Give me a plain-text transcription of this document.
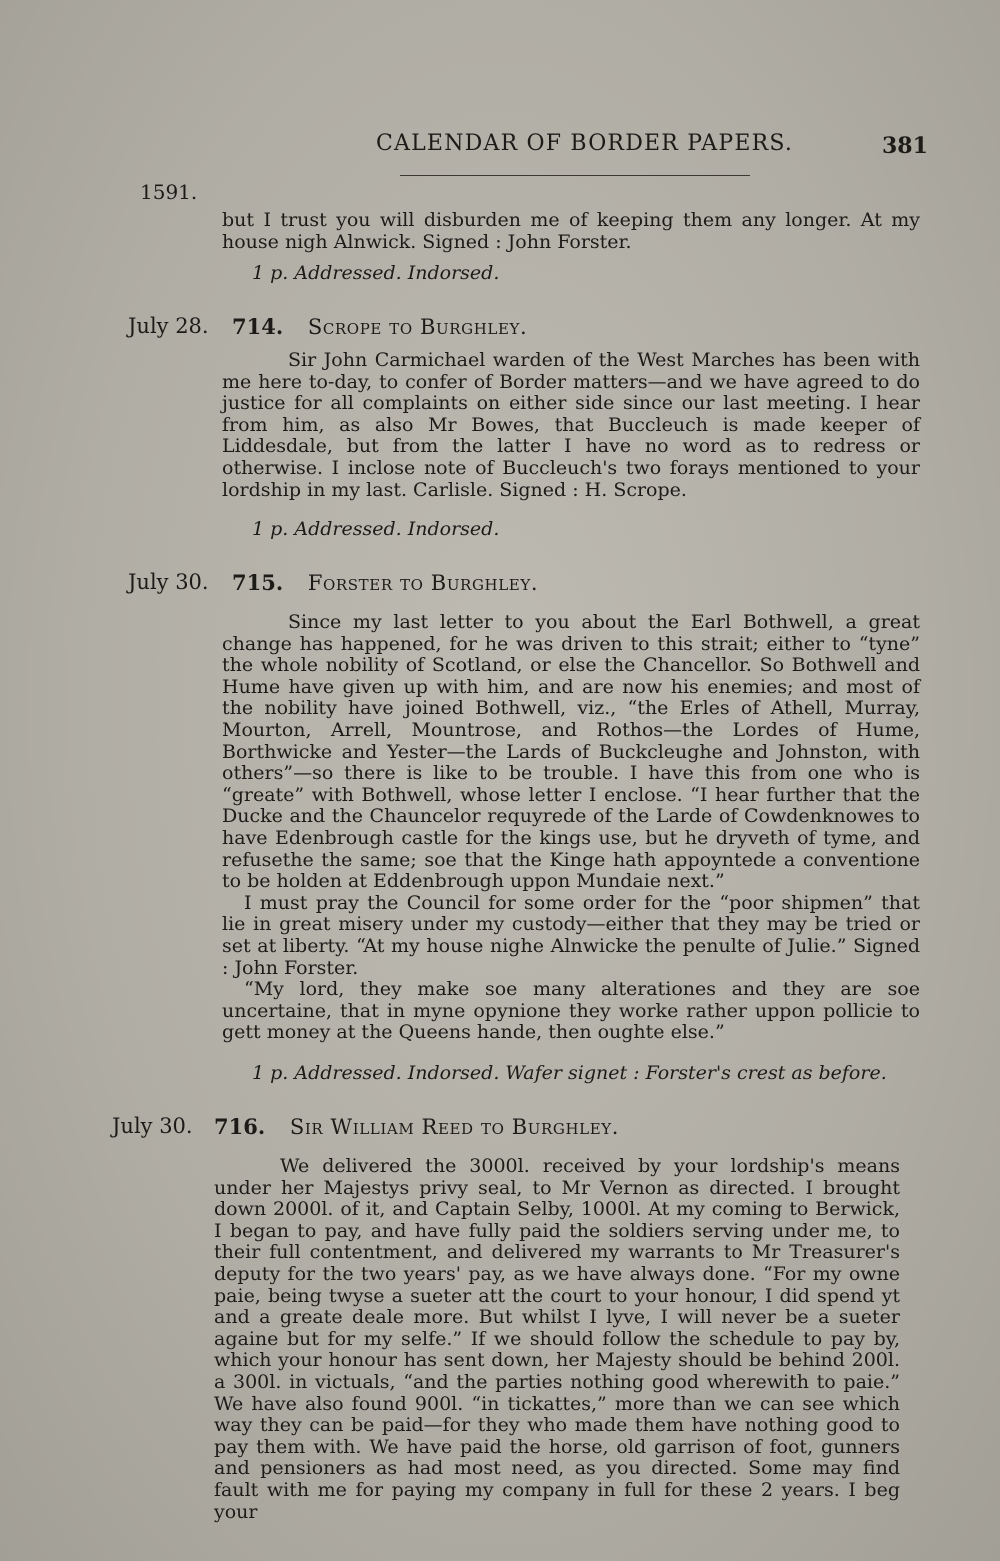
CALENDAR OF BORDER PAPERS.	381
1591.
but I trust you will disburden me of keeping them any longer. At my house nigh Alnwick. Signed : John Forster.
1 p. Addressed. Indorsed.
July 28. 714. Scrope to Burghley.
Sir John Carmichael warden of the West Marches has been with me here to-day, to confer of Border matters—and we have agreed to do justice for all complaints on either side since our last meeting. I hear from him, as also Mr Bowes, that Buccleuch is made keeper of Liddesdale, but from the latter I have no word as to redress or otherwise. I inclose note of Buccleuch's two forays mentioned to your lordship in my last. Carlisle. Signed : H. Scrope.
1 p. Addressed. Indorsed.
July 30. 715. Forster to Burghley.
Since my last letter to you about the Earl Bothwell, a great change has happened, for he was driven to this strait; either to “tyne” the whole nobility of Scotland, or else the Chancellor. So Bothwell and Hume have given up with him, and are now his enemies; and most of the nobility have joined Bothwell, viz., “the Erles of Athell, Murray, Mourton, Arrell, Mountrose, and Rothos—the Lordes of Hume, Borthwicke and Yester—the Lards of Buckcleughe and Johnston, with others”—so there is like to be trouble. I have this from one who is “greate” with Bothwell, whose letter I enclose. “I hear further that the Ducke and the Chauncelor requyrede of the Larde of Cowdenknowes to have Edenbrough castle for the kings use, but he dryveth of tyme, and refusethe the same; soe that the Kinge hath appoyntede a conventione to be holden at Eddenbrough uppon Mundaie next.”
I must pray the Council for some order for the “poor shipmen” that lie in great misery under my custody—either that they may be tried or set at liberty. “At my house nighe Alnwicke the penulte of Julie.” Signed : John Forster.
“My lord, they make soe many alterationes and they are soe uncertaine, that in myne opynione they worke rather uppon pollicie to gett money at the Queens hande, then oughte else.”
1 p. Addressed. Indorsed. Wafer signet : Forster's crest as before.
July 30. 716. Sir William Reed to Burghley.
We delivered the 3000l. received by your lordship's means under her Majestys privy seal, to Mr Vernon as directed. I brought down 2000l. of it, and Captain Selby, 1000l. At my coming to Berwick, I began to pay, and have fully paid the soldiers serving under me, to their full contentment, and delivered my warrants to Mr Treasurer's deputy for the two years' pay, as we have always done. “For my owne paie, being twyse a sueter att the court to your honour, I did spend yt and a greate deale more. But whilst I lyve, I will never be a sueter againe but for my selfe.” If we should follow the schedule to pay by, which your honour has sent down, her Majesty should be behind 200l. a 300l. in victuals, “and the parties nothing good wherewith to paie.” We have also found 900l. “in tickattes,” more than we can see which way they can be paid—for they who made them have nothing good to pay them with. We have paid the horse, old garrison of foot, gunners and pensioners as had most need, as you directed. Some may find fault with me for paying my company in full for these 2 years. I beg your
